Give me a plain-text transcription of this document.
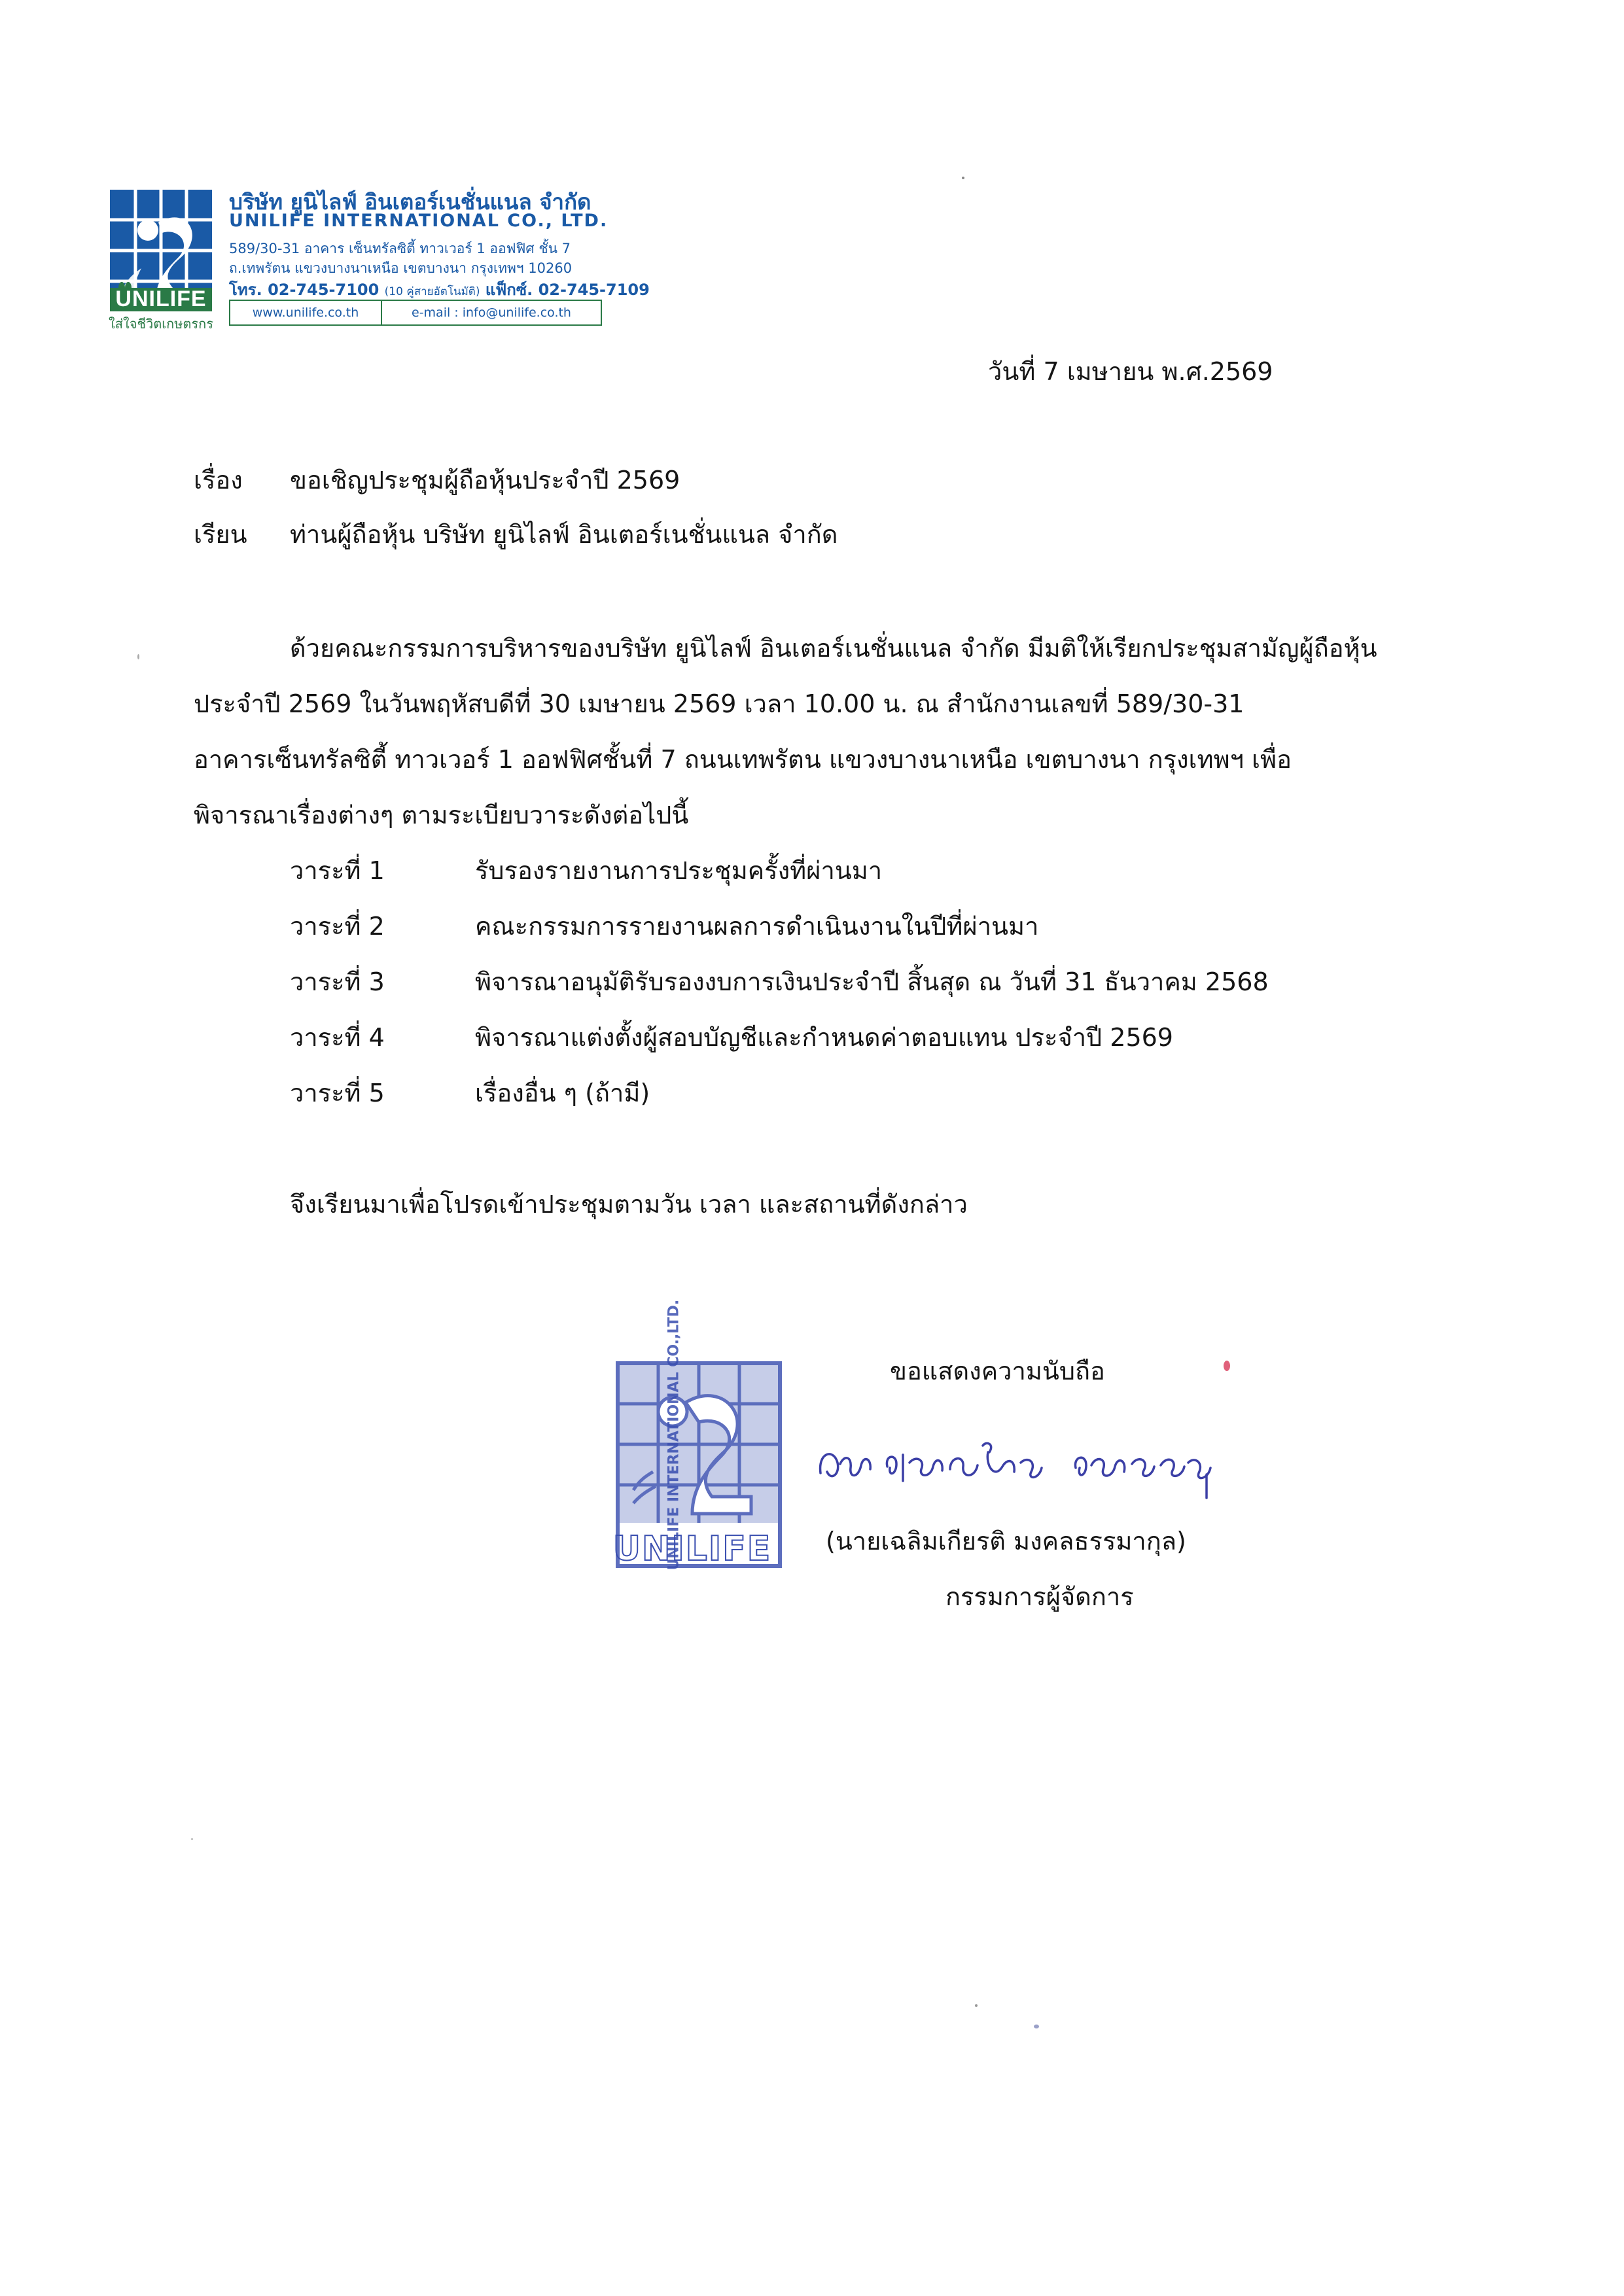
UNILIFE
ใส่ใจชีวิตเกษตรกร
บริษัท ยูนิไลฟ์ อินเตอร์เนชั่นแนล จำกัด
UNILIFE INTERNATIONAL CO., LTD.
589/30-31 อาคาร เซ็นทรัลซิตี้ ทาวเวอร์ 1 ออฟฟิศ ชั้น 7
ถ.เทพรัตน แขวงบางนาเหนือ เขตบางนา กรุงเทพฯ 10260
โทร. 02-745-7100 (10 คู่สายอัตโนมัติ) แฟ็กซ์. 02-745-7109
www.unilife.co.th	e-mail : info@unilife.co.th
วันที่ 7 เมษายน พ.ศ.2569
เรื่อง ขอเชิญประชุมผู้ถือหุ้นประจำปี 2569
เรียน ท่านผู้ถือหุ้น บริษัท ยูนิไลฟ์ อินเตอร์เนชั่นแนล จำกัด
ด้วยคณะกรรมการบริหารของบริษัท ยูนิไลฟ์ อินเตอร์เนชั่นแนล จำกัด มีมติให้เรียกประชุมสามัญผู้ถือหุ้น
ประจำปี 2569 ในวันพฤหัสบดีที่ 30 เมษายน 2569 เวลา 10.00 น. ณ สำนักงานเลขที่ 589/30-31
อาคารเซ็นทรัลซิตี้ ทาวเวอร์ 1 ออฟฟิศชั้นที่ 7 ถนนเทพรัตน แขวงบางนาเหนือ เขตบางนา กรุงเทพฯ เพื่อ
พิจารณาเรื่องต่างๆ ตามระเบียบวาระดังต่อไปนี้
วาระที่ 1	รับรองรายงานการประชุมครั้งที่ผ่านมา
วาระที่ 2	คณะกรรมการรายงานผลการดำเนินงานในปีที่ผ่านมา
วาระที่ 3	พิจารณาอนุมัติรับรองงบการเงินประจำปี สิ้นสุด ณ วันที่ 31 ธันวาคม 2568
วาระที่ 4	พิจารณาแต่งตั้งผู้สอบบัญชีและกำหนดค่าตอบแทน ประจำปี 2569
วาระที่ 5	เรื่องอื่น ๆ (ถ้ามี)
จึงเรียนมาเพื่อโปรดเข้าประชุมตามวัน เวลา และสถานที่ดังกล่าว
UNILIFE INTERNATIONAL CO.,LTD.
UNILIFE
ขอแสดงความนับถือ
(นายเฉลิมเกียรติ มงคลธรรมากุล)
กรรมการผู้จัดการ
